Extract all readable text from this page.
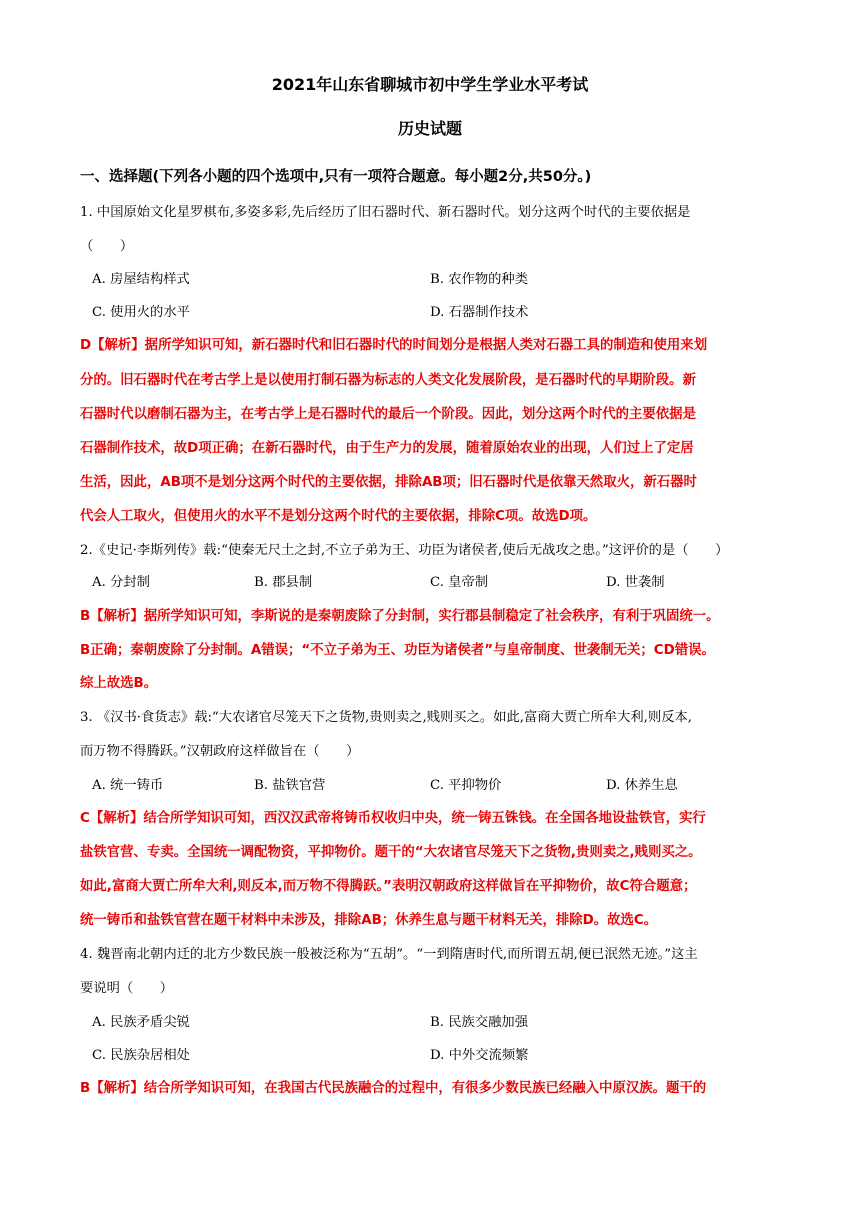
2021年山东省聊城市初中学生学业水平考试
历史试题
一、选择题(下列各小题的四个选项中,只有一项符合题意。每小题2分,共50分。)
1. 中国原始文化星罗棋布,多姿多彩,先后经历了旧石器时代、新石器时代。划分这两个时代的主要依据是
（　　）
A. 房屋结构样式	B. 农作物的种类
C. 使用火的水平	D. 石器制作技术
D【解析】据所学知识可知，新石器时代和旧石器时代的时间划分是根据人类对石器工具的制造和使用来划
分的。旧石器时代在考古学上是以使用打制石器为标志的人类文化发展阶段，是石器时代的早期阶段。新
石器时代以磨制石器为主，在考古学上是石器时代的最后一个阶段。因此，划分这两个时代的主要依据是
石器制作技术，故D项正确；在新石器时代，由于生产力的发展，随着原始农业的出现，人们过上了定居
生活，因此，AB项不是划分这两个时代的主要依据，排除AB项；旧石器时代是依靠天然取火，新石器时
代会人工取火，但使用火的水平不是划分这两个时代的主要依据，排除C项。故选D项。
2.《史记·李斯列传》载:“使秦无尺土之封,不立子弟为王、功臣为诸侯者,使后无战攻之患。”这评价的是（　　）
A. 分封制	B. 郡县制	C. 皇帝制	D. 世袭制
B【解析】据所学知识可知，李斯说的是秦朝废除了分封制，实行郡县制稳定了社会秩序，有利于巩固统一。
B正确；秦朝废除了分封制。A错误；“不立子弟为王、功臣为诸侯者”与皇帝制度、世袭制无关；CD错误。
综上故选B。
3. 《汉书·食货志》载:“大农诸官尽笼天下之货物,贵则卖之,贱则买之。如此,富商大贾亡所牟大利,则反本,
而万物不得腾跃。”汉朝政府这样做旨在（　　）
A. 统一铸币	B. 盐铁官营	C. 平抑物价	D. 休养生息
C【解析】结合所学知识可知，西汉汉武帝将铸币权收归中央，统一铸五铢钱。在全国各地设盐铁官，实行
盐铁官营、专卖。全国统一调配物资，平抑物价。题干的“大农诸官尽笼天下之货物,贵则卖之,贱则买之。
如此,富商大贾亡所牟大利,则反本,而万物不得腾跃。”表明汉朝政府这样做旨在平抑物价，故C符合题意；
统一铸币和盐铁官营在题干材料中未涉及，排除AB；休养生息与题干材料无关，排除D。故选C。
4. 魏晋南北朝内迁的北方少数民族一般被泛称为“五胡”。“一到隋唐时代,而所谓五胡,便已泯然无迹。”这主
要说明（　　）
A. 民族矛盾尖锐	B. 民族交融加强
C. 民族杂居相处	D. 中外交流频繁
B【解析】结合所学知识可知，在我国古代民族融合的过程中，有很多少数民族已经融入中原汉族。题干的
